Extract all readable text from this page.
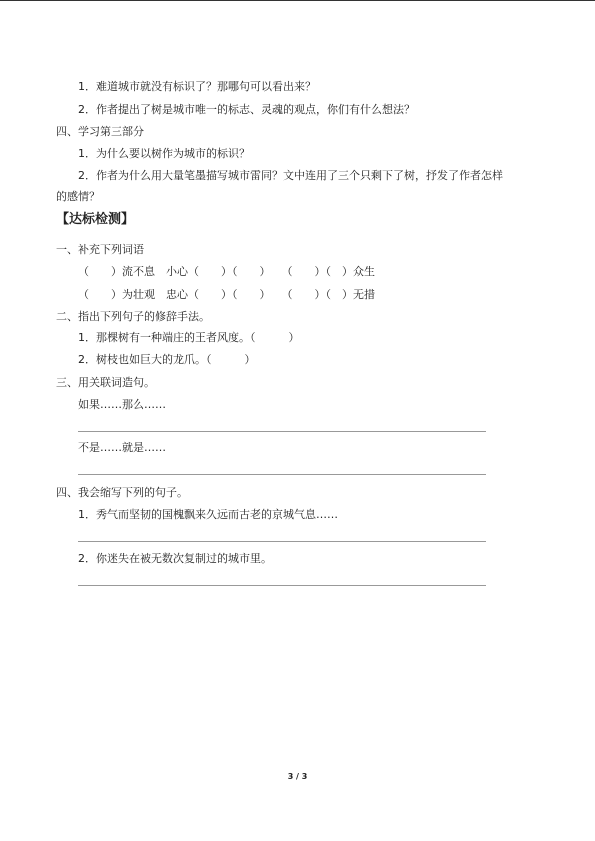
1．难道城市就没有标识了？那哪句可以看出来？
2．作者提出了树是城市唯一的标志、灵魂的观点，你们有什么想法？
四、学习第三部分
1．为什么要以树作为城市的标识？
2．作者为什么用大量笔墨描写城市雷同？文中连用了三个只剩下了树，抒发了作者怎样
的感情？
【达标检测】
一、补充下列词语
（　　）流不息　小心（　　）（　　）　　（　　）（　）众生
（　　）为壮观　忠心（　　）（　　）　　（　　）（　）无措
二、指出下列句子的修辞手法。
1．那棵树有一种端庄的王者风度。（　　　）
2．树枝也如巨大的龙爪。（　　　）
三、用关联词造句。
如果……那么……
不是……就是……
四、我会缩写下列的句子。
1．秀气而坚韧的国槐飘来久远而古老的京城气息……
2．你迷失在被无数次复制过的城市里。
3 / 3
